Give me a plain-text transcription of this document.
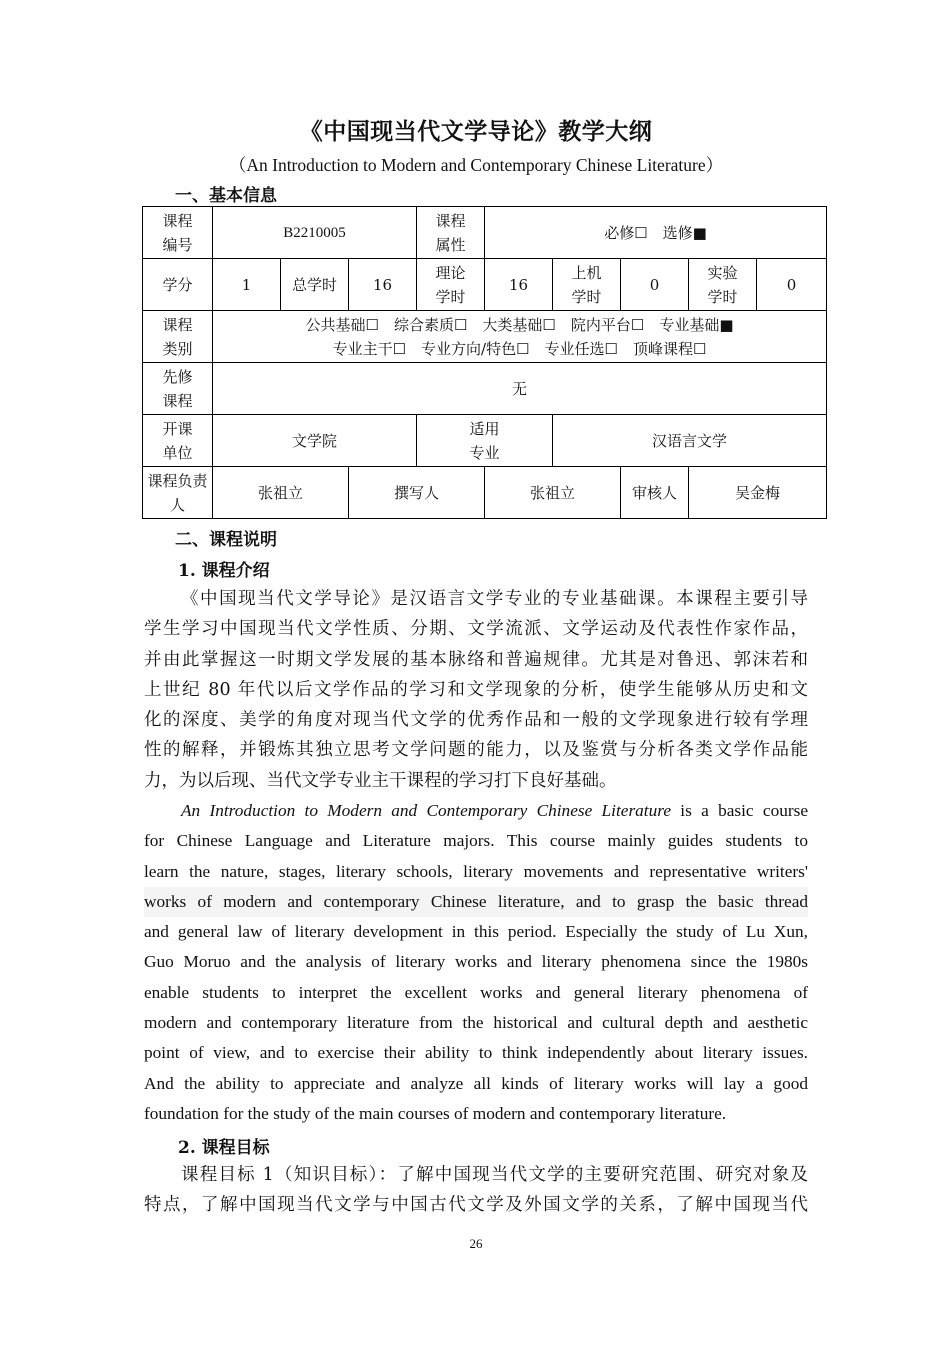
《中国现当代文学导论》教学大纲
（An Introduction to Modern and Contemporary Chinese Literature）
一、基本信息
课程编号	B2210005			课程属性	必修☐　选修■				
学分	1	总学时	16	理论学时	16	上机学时	0	实验学时	0
课程类别	公共基础☐　综合素质☐　大类基础☐　院内平台☐　专业基础■
专业主干☐　专业方向/特色☐　专业任选☐　顶峰课程☐								

先修课程	无								
开课单位	文学院			适用专业		汉语言文学			
课程负责人	张祖立		撰写人		张祖立		审核人	吴金梅	
二、课程说明
1. 课程介绍
《中国现当代文学导论》是汉语言文学专业的专业基础课。本课程主要引导
学生学习中国现当代文学性质、分期、文学流派、文学运动及代表性作家作品，
并由此掌握这一时期文学发展的基本脉络和普遍规律。尤其是对鲁迅、郭沫若和
上世纪 80 年代以后文学作品的学习和文学现象的分析，使学生能够从历史和文
化的深度、美学的角度对现当代文学的优秀作品和一般的文学现象进行较有学理
性的解释，并锻炼其独立思考文学问题的能力，以及鉴赏与分析各类文学作品能
力，为以后现、当代文学专业主干课程的学习打下良好基础。
An Introduction to Modern and Contemporary Chinese Literature is a basic course
for Chinese Language and Literature majors. This course mainly guides students to
learn the nature, stages, literary schools, literary movements and representative writers'
works of modern and contemporary Chinese literature, and to grasp the basic thread
and general law of literary development in this period. Especially the study of Lu Xun,
Guo Moruo and the analysis of literary works and literary phenomena since the 1980s
enable students to interpret the excellent works and general literary phenomena of
modern and contemporary literature from the historical and cultural depth and aesthetic
point of view, and to exercise their ability to think independently about literary issues.
And the ability to appreciate and analyze all kinds of literary works will lay a good
foundation for the study of the main courses of modern and contemporary literature.
2. 课程目标
课程目标 1（知识目标）：了解中国现当代文学的主要研究范围、研究对象及
特点，了解中国现当代文学与中国古代文学及外国文学的关系，了解中国现当代
26
